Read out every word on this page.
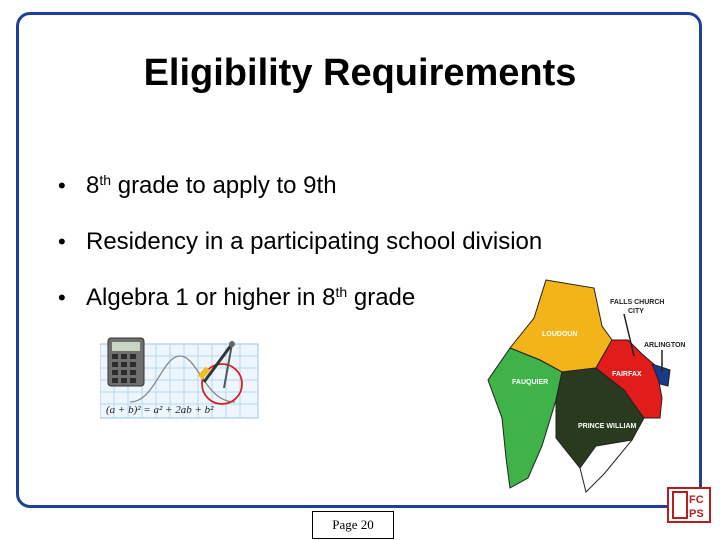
Eligibility Requirements
• 8th grade to apply to 9th
• Residency in a participating school division
• Algebra 1 or higher in 8th grade
(a + b)² = a² + 2ab + b²
LOUDOUN
FAUQUIER
FAIRFAX
PRINCE WILLIAM
FALLS CHURCH
CITY
ARLINGTON
FC
PS
Page 20
